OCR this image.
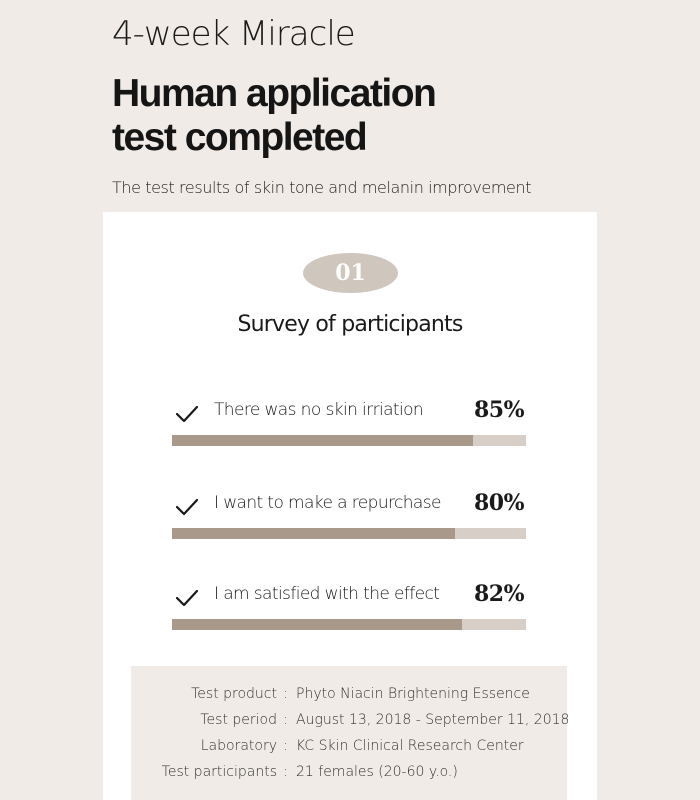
4-week Miracle
Human application
test completed
The test results of skin tone and melanin improvement
01
Survey of participants
There was no skin irriation 85%
I want to make a repurchase 80%
I am satisfied with the effect 82%
Test product : Phyto Niacin Brightening Essence
Test period : August 13, 2018 - September 11, 2018
Laboratory : KC Skin Clinical Research Center
Test participants : 21 females (20-60 y.o.)
